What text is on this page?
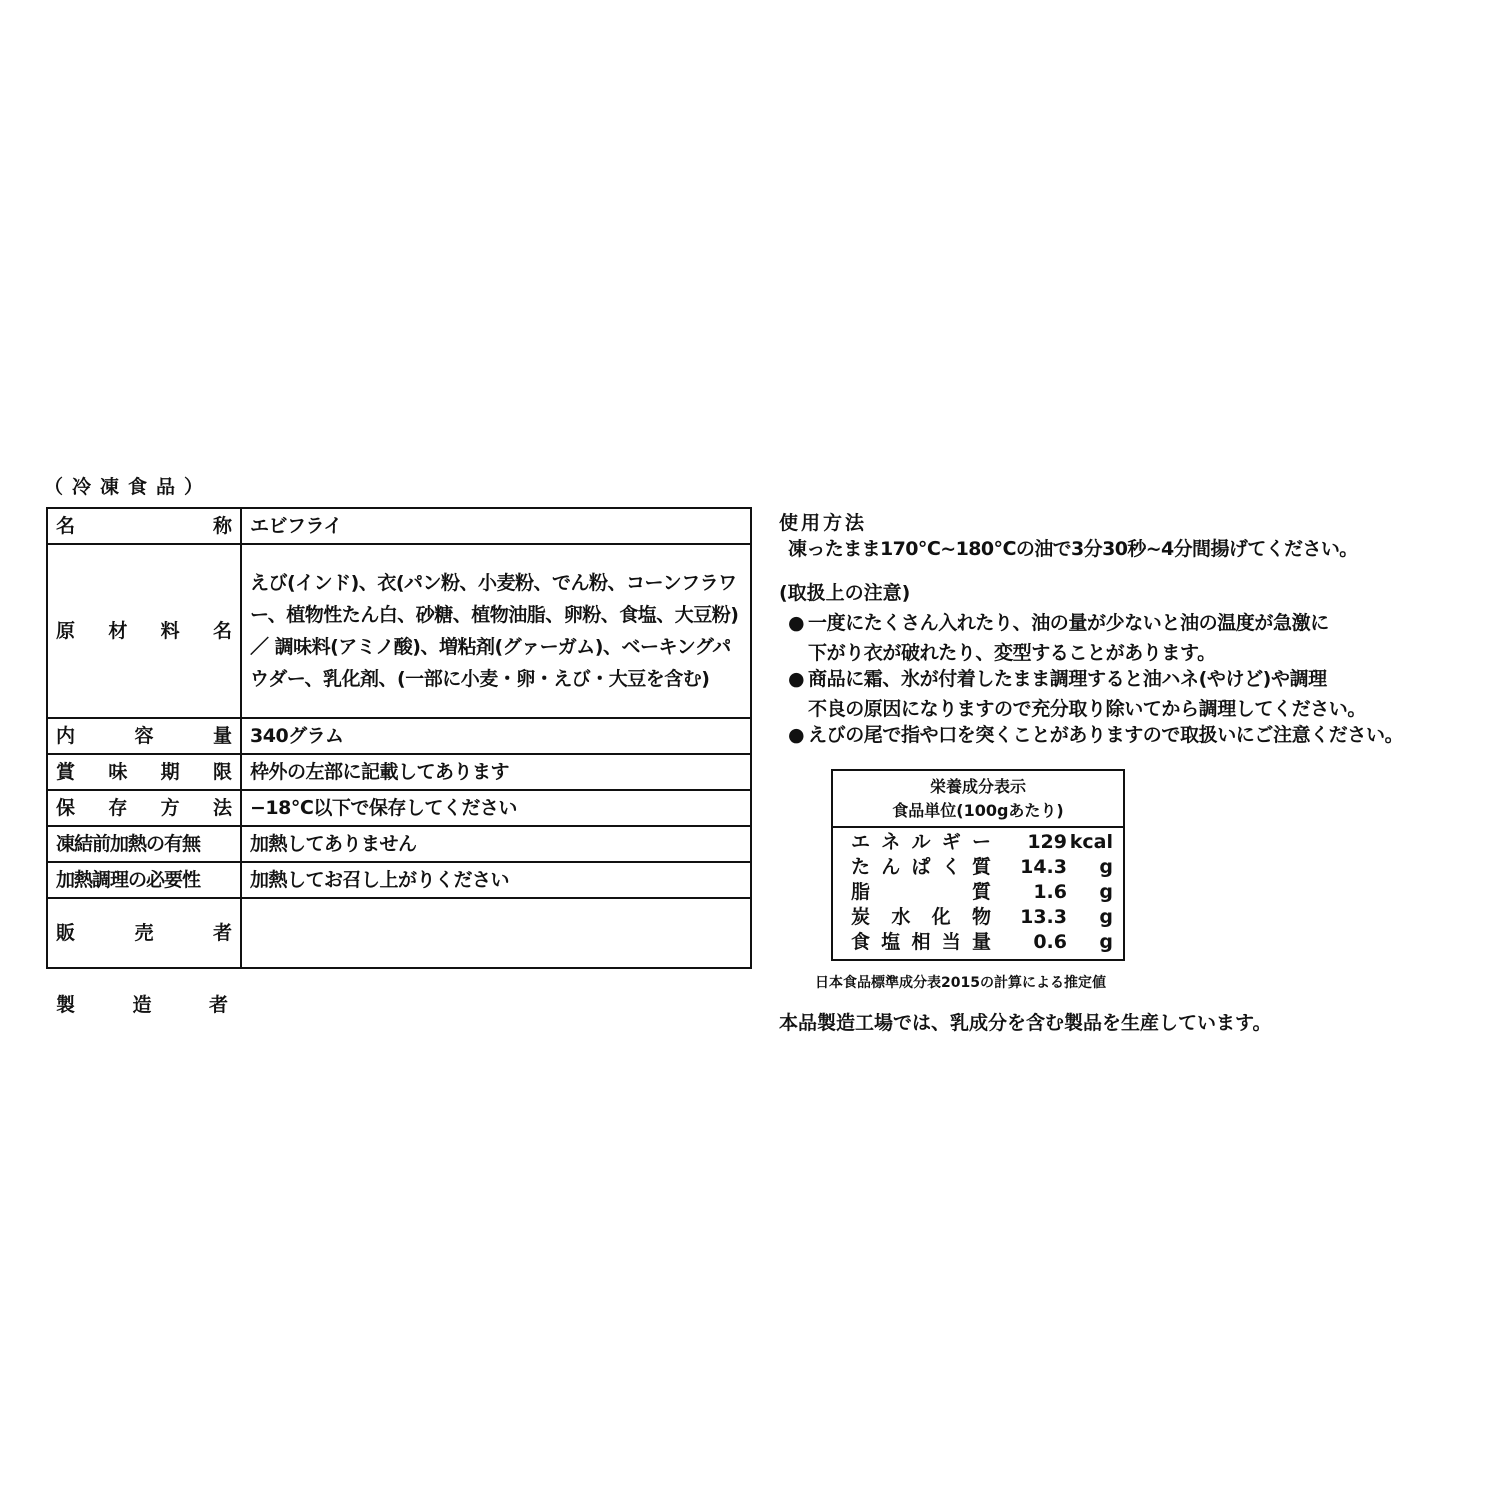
（冷凍食品）
名 称	エビフライ

原 材 料 名	えび(インド)、衣(パン粉、小麦粉、でん粉、コーンフラワー、植物性たん白、砂糖、植物油脂、卵粉、食塩、大豆粉) ／ 調味料(アミノ酸)、増粘剤(グァーガム)、ベーキングパウダー、乳化剤、(一部に小麦・卵・えび・大豆を含む)

内 容 量	340グラム

賞 味 期 限	枠外の左部に記載してあります

保 存 方 法	−18℃以下で保存してください

凍結前加熱の有無	加熱してありません

加熱調理の必要性	加熱してお召し上がりください

販 売 者	

製	造	者
使用方法
凍ったまま170℃~180℃の油で3分30秒~4分間揚げてください。
(取扱上の注意)
● 一度にたくさん入れたり、油の量が少ないと油の温度が急激に
下がり衣が破れたり、変型することがあります。
● 商品に霜、氷が付着したまま調理すると油ハネ(やけど)や調理
不良の原因になりますので充分取り除いてから調理してください。
● えびの尾で指や口を突くことがありますので取扱いにご注意ください。
栄養成分表示
食品単位(100gあたり)
エ ネ ル ギ ー	129 kcal
た ん ぱ く 質	14.3	g
脂	質	1.6	g
炭 水 化 物	13.3	g
食 塩 相 当 量	0.6	g
日本食品標準成分表2015の計算による推定値
本品製造工場では、乳成分を含む製品を生産しています。
